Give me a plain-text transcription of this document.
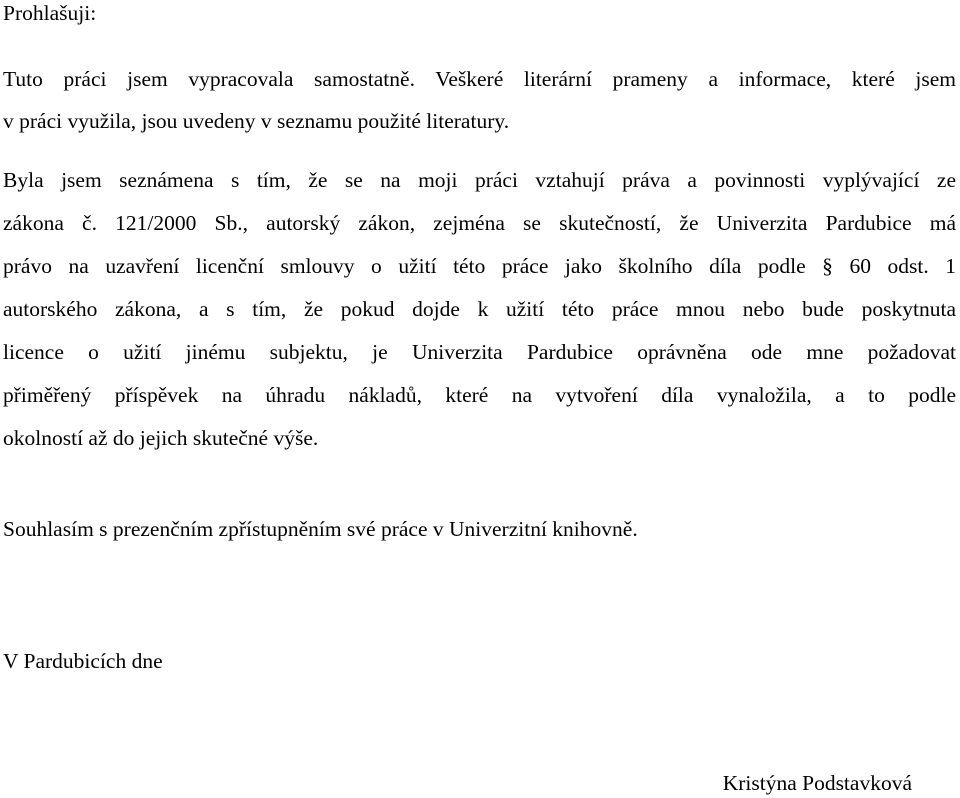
Prohlašuji:
Tuto práci jsem vypracovala samostatně. Veškeré literární prameny a informace, které jsem
v práci využila, jsou uvedeny v seznamu použité literatury.
Byla jsem seznámena s tím, že se na moji práci vztahují práva a povinnosti vyplývající ze
zákona č. 121/2000 Sb., autorský zákon, zejména se skutečností, že Univerzita Pardubice má
právo na uzavření licenční smlouvy o užití této práce jako školního díla podle § 60 odst. 1
autorského zákona, a s tím, že pokud dojde k užití této práce mnou nebo bude poskytnuta
licence o užití jinému subjektu, je Univerzita Pardubice oprávněna ode mne požadovat
přiměřený příspěvek na úhradu nákladů, které na vytvoření díla vynaložila, a to podle
okolností až do jejich skutečné výše.
Souhlasím s prezenčním zpřístupněním své práce v Univerzitní knihovně.
V Pardubicích dne
Kristýna Podstavková
